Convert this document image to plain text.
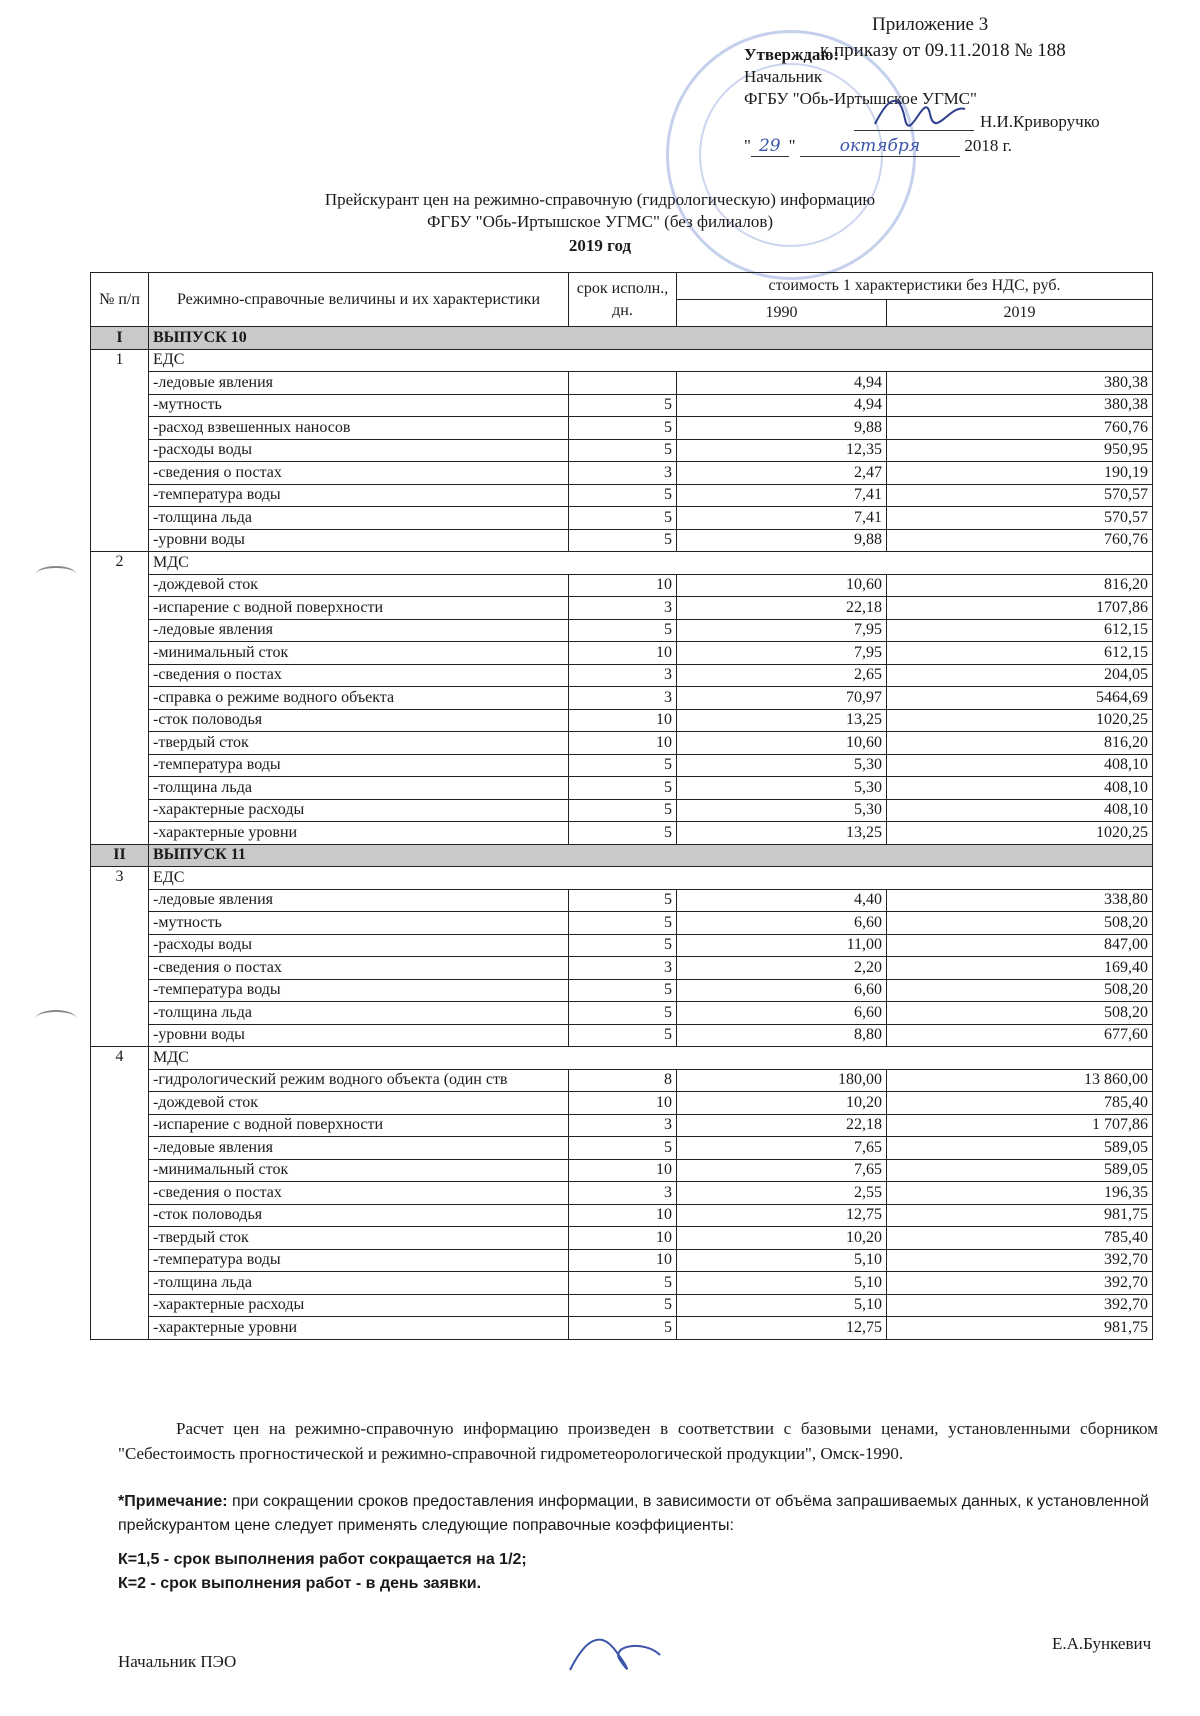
Приложение 3
к приказу от 09.11.2018 № 188
Утверждаю:
Начальник
ФГБУ "Обь-Иртышское УГМС"
Н.И.Криворучко
" 29 " октября	2018 г.
Прейскурант цен на режимно-справочную (гидрологическую) информацию
ФГБУ "Обь-Иртышское УГМС" (без филиалов)
2019 год
№ п/п	Режимно-справочные величины и их характеристики	срок исполн., дн.	стоимость 1 характеристики без НДС, руб.	
			1990	2019
I	ВЫПУСК 10			
1	ЕДС			
	-ледовые явления		4,94	380,38
	-мутность	5	4,94	380,38
	-расход взвешенных наносов	5	9,88	760,76
	-расходы воды	5	12,35	950,95
	-сведения о постах	3	2,47	190,19
	-температура воды	5	7,41	570,57
	-толщина льда	5	7,41	570,57
	-уровни воды	5	9,88	760,76
2	МДС			
	-дождевой сток	10	10,60	816,20
	-испарение с водной поверхности	3	22,18	1707,86
	-ледовые явления	5	7,95	612,15
	-минимальный сток	10	7,95	612,15
	-сведения о постах	3	2,65	204,05
	-справка о режиме водного объекта	3	70,97	5464,69
	-сток половодья	10	13,25	1020,25
	-твердый сток	10	10,60	816,20
	-температура воды	5	5,30	408,10
	-толщина льда	5	5,30	408,10
	-характерные расходы	5	5,30	408,10
	-характерные уровни	5	13,25	1020,25
II	ВЫПУСК 11			
3	ЕДС			
	-ледовые явления	5	4,40	338,80
	-мутность	5	6,60	508,20
	-расходы воды	5	11,00	847,00
	-сведения о постах	3	2,20	169,40
	-температура воды	5	6,60	508,20
	-толщина льда	5	6,60	508,20
	-уровни воды	5	8,80	677,60
4	МДС			
	-гидрологический режим водного объекта (один ств	8	180,00	13 860,00
	-дождевой сток	10	10,20	785,40
	-испарение с водной поверхности	3	22,18	1 707,86
	-ледовые явления	5	7,65	589,05
	-минимальный сток	10	7,65	589,05
	-сведения о постах	3	2,55	196,35
	-сток половодья	10	12,75	981,75
	-твердый сток	10	10,20	785,40
	-температура воды	10	5,10	392,70
	-толщина льда	5	5,10	392,70
	-характерные расходы	5	5,10	392,70
	-характерные уровни	5	12,75	981,75
Расчет цен на режимно-справочную информацию произведен в соответствии с базовыми ценами, установленными сборником "Себестоимость прогностической и режимно-справочной гидрометеорологической продукции", Омск-1990.
*Примечание: при сокращении сроков предоставления информации, в зависимости от объёма запрашиваемых данных, к установленной прейскурантом цене следует применять следующие поправочные коэффициенты:
К=1,5 - срок выполнения работ сокращается на 1/2;
К=2 - срок выполнения работ - в день заявки.
Начальник ПЭО
Е.А.Бункевич
